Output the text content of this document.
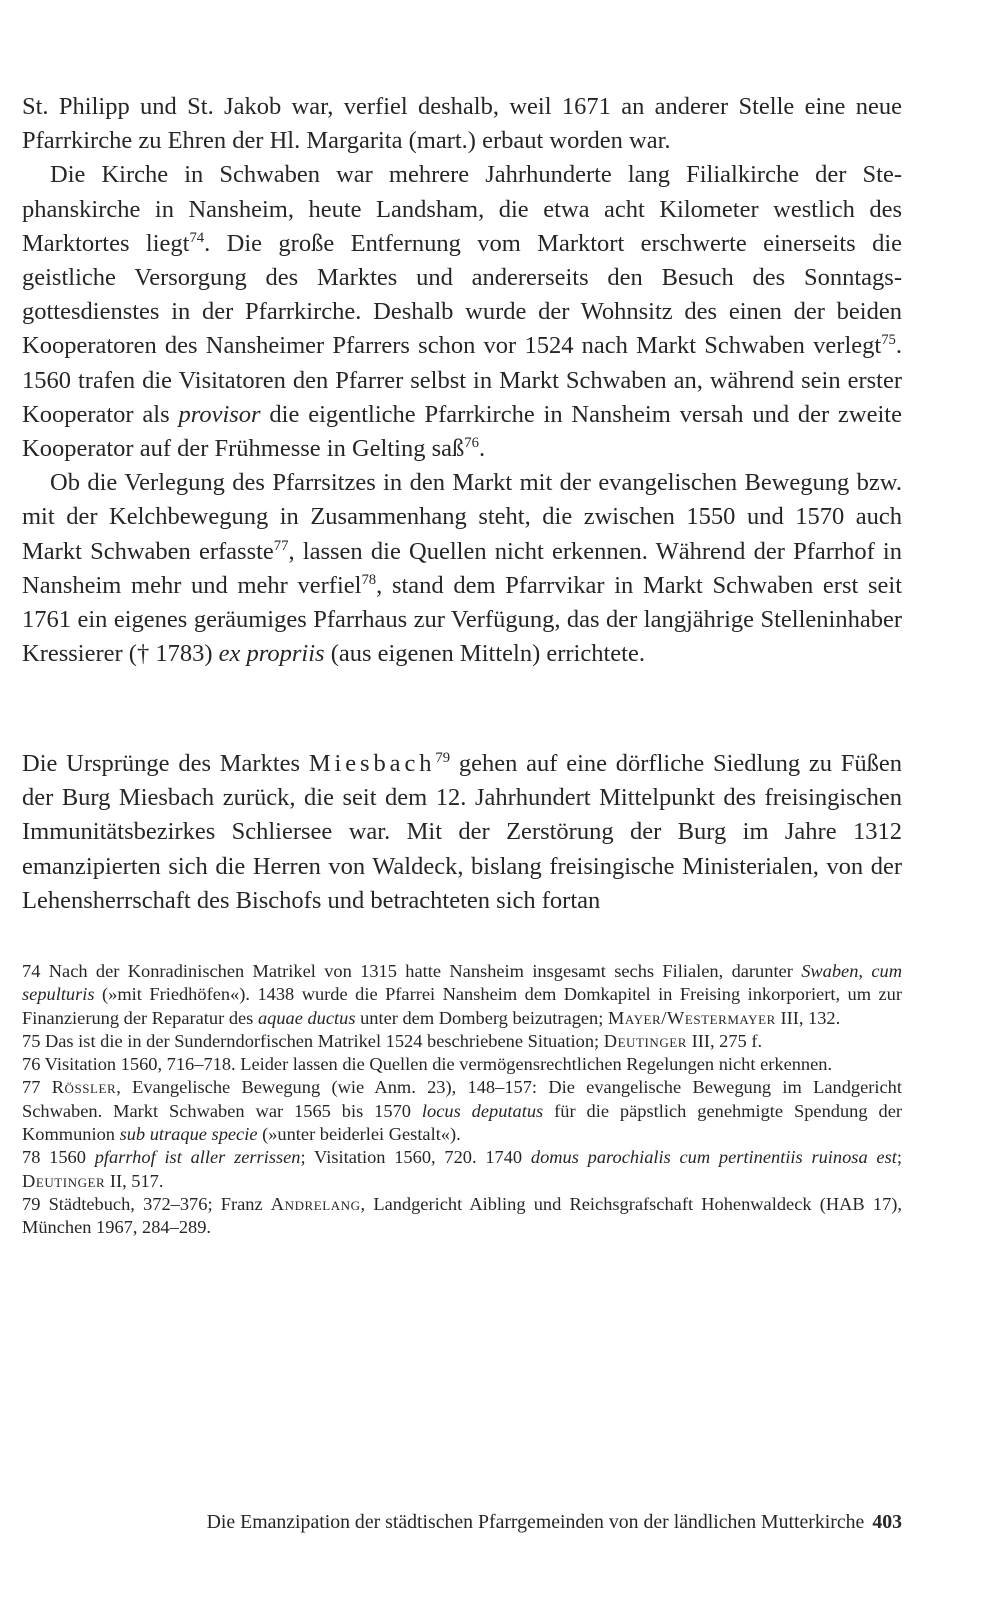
St. Philipp und St. Jakob war, verfiel deshalb, weil 1671 an anderer Stelle eine neue Pfarrkirche zu Ehren der Hl. Margarita (mart.) erbaut worden war.

Die Kirche in Schwaben war mehrere Jahrhunderte lang Filialkirche der Stephanskirche in Nansheim, heute Landsham, die etwa acht Kilometer westlich des Marktortes liegt$^{74}$. Die große Entfernung vom Marktort erschwerte einerseits die geistliche Versorgung des Marktes und andererseits den Besuch des Sonntagsgottesdienstes in der Pfarrkirche. Deshalb wurde der Wohnsitz des einen der beiden Kooperatoren des Nansheimer Pfarrers schon vor 1524 nach Markt Schwaben verlegt$^{75}$. 1560 trafen die Visitatoren den Pfarrer selbst in Markt Schwaben an, während sein erster Kooperator als provisor die eigentliche Pfarrkirche in Nansheim versah und der zweite Kooperator auf der Frühmesse in Gelting saß$^{76}$.

Ob die Verlegung des Pfarrsitzes in den Markt mit der evangelischen Bewegung bzw. mit der Kelchbewegung in Zusammenhang steht, die zwischen 1550 und 1570 auch Markt Schwaben erfasste$^{77}$, lassen die Quellen nicht erkennen. Während der Pfarrhof in Nansheim mehr und mehr verfiel$^{78}$, stand dem Pfarrvikar in Markt Schwaben erst seit 1761 ein eigenes geräumiges Pfarrhaus zur Verfügung, das der langjährige Stelleninhaber Kressierer († 1783) ex propriis (aus eigenen Mitteln) errichtete.

Die Ursprünge des Marktes Miesbach$^{79}$ gehen auf eine dörfliche Siedlung zu Füßen der Burg Miesbach zurück, die seit dem 12. Jahrhundert Mittelpunkt des freisingischen Immunitätsbezirkes Schliersee war. Mit der Zerstörung der Burg im Jahre 1312 emanzipierten sich die Herren von Waldeck, bislang freisingische Ministerialen, von der Lehensherrschaft des Bischofs und betrachteten sich fortan

74 Nach der Konradinischen Matrikel von 1315 hatte Nansheim insgesamt sechs Filialen, darunter Swaben, cum sepulturis (»mit Friedhöfen«). 1438 wurde die Pfarrei Nansheim dem Domkapitel in Freising inkorporiert, um zur Finanzierung der Reparatur des aquae ductus unter dem Domberg beizutragen; Mayer/Westermayer III, 132.

75 Das ist die in der Sunderndorfischen Matrikel 1524 beschriebene Situation; Deutinger III, 275 f.

76 Visitation 1560, 716–718. Leider lassen die Quellen die vermögensrechtlichen Regelungen nicht erkennen.

77 Rössler, Evangelische Bewegung (wie Anm. 23), 148–157: Die evangelische Bewegung im Landgericht Schwaben. Markt Schwaben war 1565 bis 1570 locus deputatus für die päpstlich genehmigte Spendung der Kommunion sub utraque specie (»unter beiderlei Gestalt«).

78 1560 pfarrhof ist aller zerrissen; Visitation 1560, 720. 1740 domus parochialis cum pertinentiis ruinosa est; Deutinger II, 517.

79 Städtebuch, 372–376; Franz Andrelang, Landgericht Aibling und Reichsgrafschaft Hohenwaldeck (HAB 17), München 1967, 284–289.

Die Emanzipation der städtischen Pfarrgemeinden von der ländlichen Mutterkirche 403
